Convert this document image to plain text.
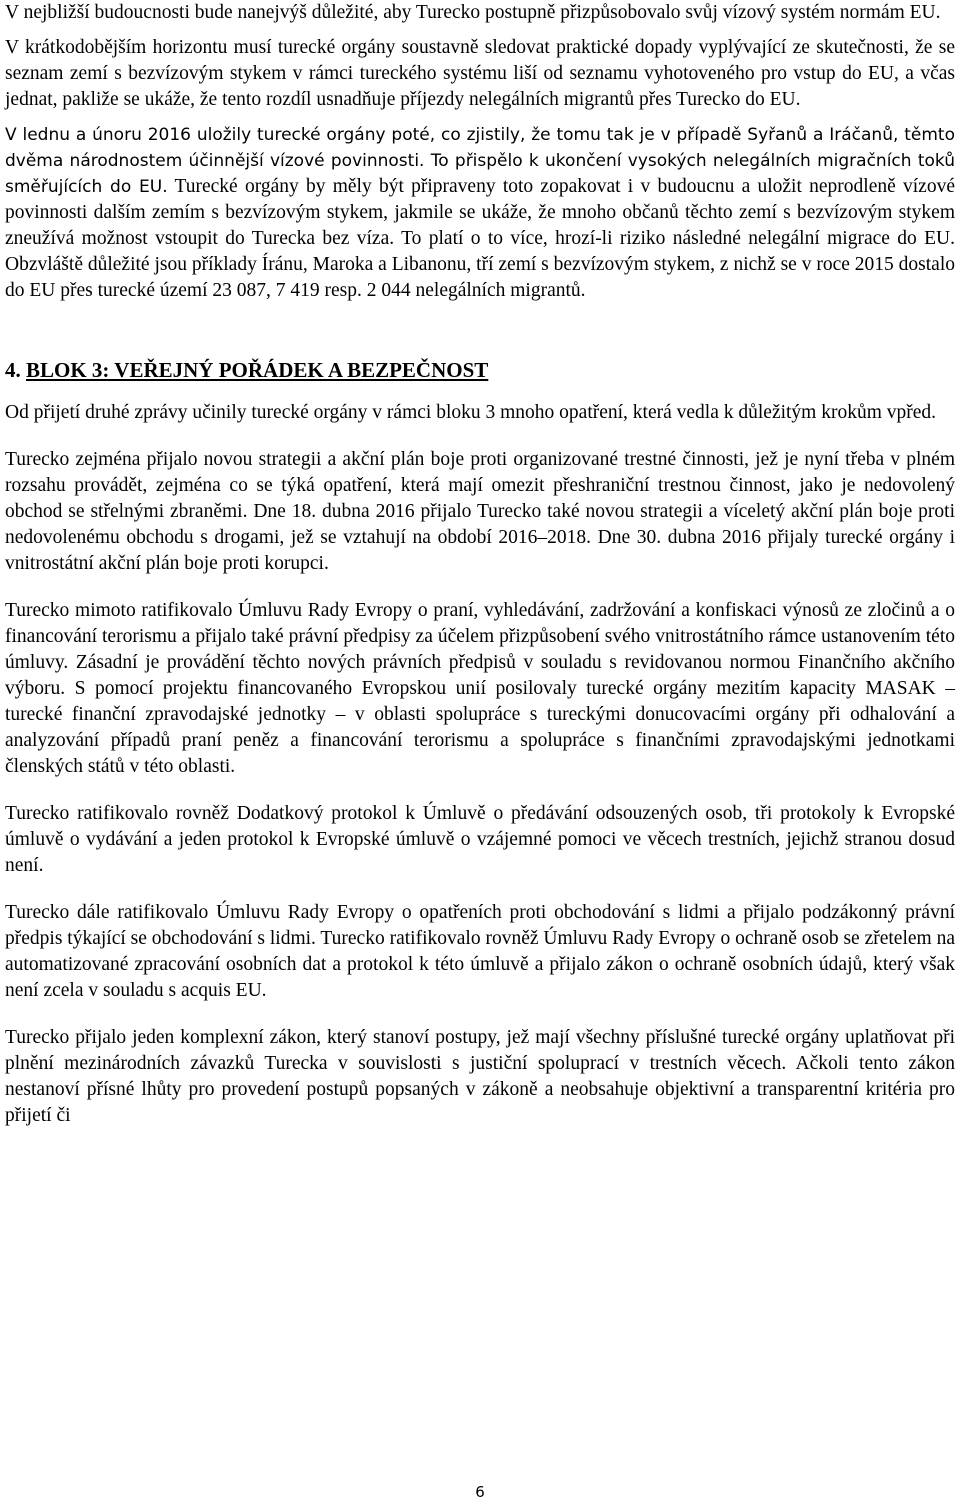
V nejbližší budoucnosti bude nanejvýš důležité, aby Turecko postupně přizpůsobovalo svůj vízový systém normám EU.

V krátkodobějším horizontu musí turecké orgány soustavně sledovat praktické dopady vyplývající ze skutečnosti, že se seznam zemí s bezvízovým stykem v rámci tureckého systému liší od seznamu vyhotoveného pro vstup do EU, a včas jednat, pakliže se ukáže, že tento rozdíl usnadňuje příjezdy nelegálních migrantů přes Turecko do EU.

V lednu a únoru 2016 uložily turecké orgány poté, co zjistily, že tomu tak je v případě Syřanů a Iráčanů, těmto dvěma národnostem účinnější vízové povinnosti. To přispělo k ukončení vysokých nelegálních migračních toků směřujících do EU. Turecké orgány by měly být připraveny toto zopakovat i v budoucnu a uložit neprodleně vízové povinnosti dalším zemím s bezvízovým stykem, jakmile se ukáže, že mnoho občanů těchto zemí s bezvízovým stykem zneužívá možnost vstoupit do Turecka bez víza. To platí o to více, hrozí-li riziko následné nelegální migrace do EU. Obzvláště důležité jsou příklady Íránu, Maroka a Libanonu, tří zemí s bezvízovým stykem, z nichž se v roce 2015 dostalo do EU přes turecké území 23 087, 7 419 resp. 2 044 nelegálních migrantů.

4. BLOK 3: VEŘEJNÝ POŘÁDEK A BEZPEČNOST

Od přijetí druhé zprávy učinily turecké orgány v rámci bloku 3 mnoho opatření, která vedla k důležitým krokům vpřed.

Turecko zejména přijalo novou strategii a akční plán boje proti organizované trestné činnosti, jež je nyní třeba v plném rozsahu provádět, zejména co se týká opatření, která mají omezit přeshraniční trestnou činnost, jako je nedovolený obchod se střelnými zbraněmi. Dne 18. dubna 2016 přijalo Turecko také novou strategii a víceletý akční plán boje proti nedovolenému obchodu s drogami, jež se vztahují na období 2016–2018. Dne 30. dubna 2016 přijaly turecké orgány i vnitrostátní akční plán boje proti korupci.

Turecko mimoto ratifikovalo Úmluvu Rady Evropy o praní, vyhledávání, zadržování a konfiskaci výnosů ze zločinů a o financování terorismu a přijalo také právní předpisy za účelem přizpůsobení svého vnitrostátního rámce ustanovením této úmluvy. Zásadní je provádění těchto nových právních předpisů v souladu s revidovanou normou Finančního akčního výboru. S pomocí projektu financovaného Evropskou unií posilovaly turecké orgány mezitím kapacity MASAK – turecké finanční zpravodajské jednotky – v oblasti spolupráce s tureckými donucovacími orgány při odhalování a analyzování případů praní peněz a financování terorismu a spolupráce s finančními zpravodajskými jednotkami členských států v této oblasti.

Turecko ratifikovalo rovněž Dodatkový protokol k Úmluvě o předávání odsouzených osob, tři protokoly k Evropské úmluvě o vydávání a jeden protokol k Evropské úmluvě o vzájemné pomoci ve věcech trestních, jejichž stranou dosud není.

Turecko dále ratifikovalo Úmluvu Rady Evropy o opatřeních proti obchodování s lidmi a přijalo podzákonný právní předpis týkající se obchodování s lidmi. Turecko ratifikovalo rovněž Úmluvu Rady Evropy o ochraně osob se zřetelem na automatizované zpracování osobních dat a protokol k této úmluvě a přijalo zákon o ochraně osobních údajů, který však není zcela v souladu s acquis EU.

Turecko přijalo jeden komplexní zákon, který stanoví postupy, jež mají všechny příslušné turecké orgány uplatňovat při plnění mezinárodních závazků Turecka v souvislosti s justiční spoluprací v trestních věcech. Ačkoli tento zákon nestanoví přísné lhůty pro provedení postupů popsaných v zákoně a neobsahuje objektivní a transparentní kritéria pro přijetí či

6
